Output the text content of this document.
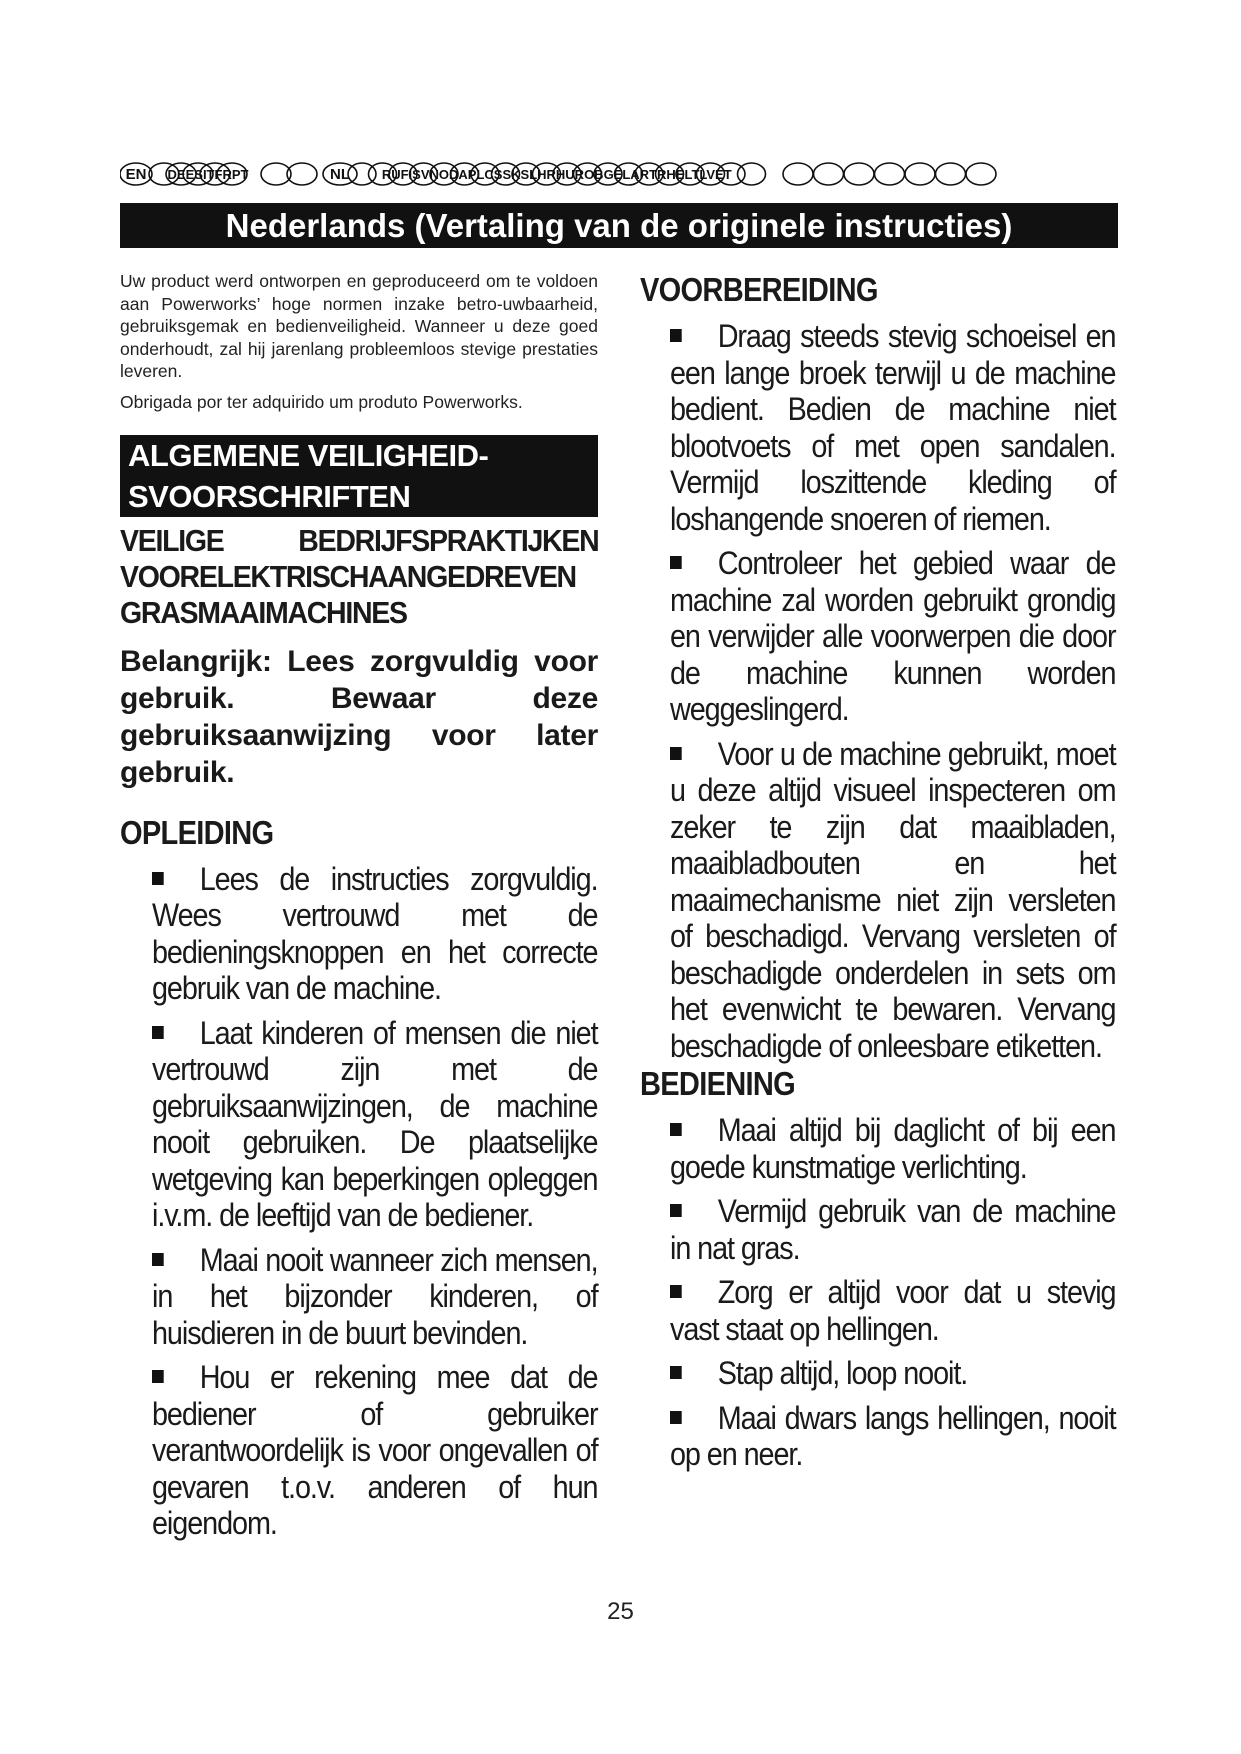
EN DEESITFRPT	NL RUFISVNODAPLCSSKSLHRHUROBGELARTRHELTLVET
Nederlands (Vertaling van de originele instructies)

Uw product werd ontworpen en geproduceerd om te voldoen aan Powerworks’ hoge normen inzake betro-uwbaarheid, gebruiksgemak en bedienveiligheid. Wanneer u deze goed onderhoudt, zal hij jarenlang probleemloos stevige prestaties leveren.

Obrigada por ter adquirido um produto Powerworks.

ALGEMENE VEILIGHEID-
SVOORSCHRIFTEN
VEILIGE BEDRIJFSPRAKTIJKEN VOORELEKTRISCHAANGEDREVEN GRASMAAIMACHINES
Belangrijk: Lees zorgvuldig voor gebruik. Bewaar deze gebruiksaanwijzing voor later gebruik.
OPLEIDING
Lees de instructies zorgvuldig. Wees vertrouwd met de bedieningsknoppen en het correcte gebruik van de machine.
Laat kinderen of mensen die niet vertrouwd zijn met de gebruiksaanwijzingen, de machine nooit gebruiken. De plaatselijke wetgeving kan beperkingen opleggen i.v.m. de leeftijd van de bediener.
Maai nooit wanneer zich mensen, in het bijzonder kinderen, of huisdieren in de buurt bevinden.
Hou er rekening mee dat de bediener of gebruiker verantwoordelijk is voor ongevallen of gevaren t.o.v. anderen of hun eigendom.
VOORBEREIDING
Draag steeds stevig schoeisel en een lange broek terwijl u de machine bedient. Bedien de machine niet blootvoets of met open sandalen. Vermijd loszittende kleding of loshangende snoeren of riemen.
Controleer het gebied waar de machine zal worden gebruikt grondig en verwijder alle voorwerpen die door de machine kunnen worden weggeslingerd.
Voor u de machine gebruikt, moet u deze altijd visueel inspecteren om zeker te zijn dat maaibladen, maaibladbouten en het maaimechanisme niet zijn versleten of beschadigd. Vervang versleten of beschadigde onderdelen in sets om het evenwicht te bewaren. Vervang beschadigde of onleesbare etiketten.
BEDIENING
Maai altijd bij daglicht of bij een goede kunstmatige verlichting.
Vermijd gebruik van de machine in nat gras.
Zorg er altijd voor dat u stevig vast staat op hellingen.
Stap altijd, loop nooit.
Maai dwars langs hellingen, nooit op en neer.
25
